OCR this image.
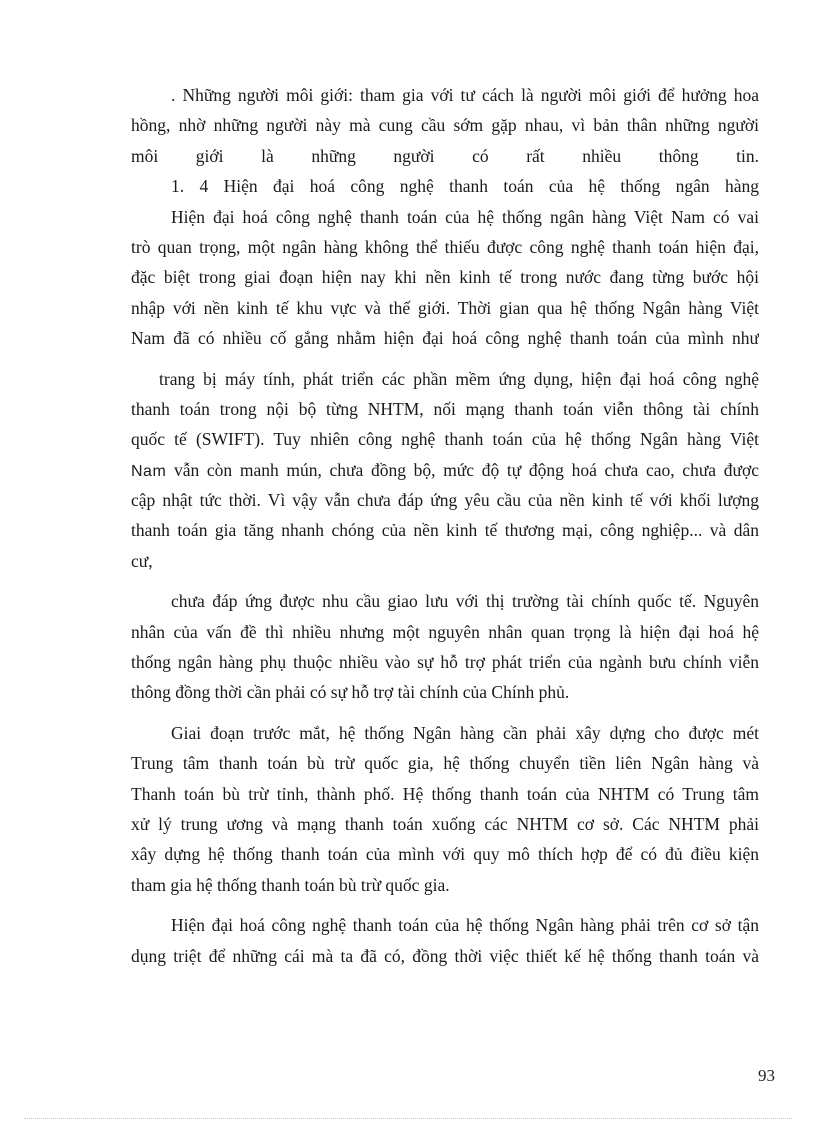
. Những người môi giới: tham gia với tư cách là người môi giới để hưởng hoa
hồng, nhờ những người này mà cung cầu sớm gặp nhau, vì bản thân những người
môi giới là những người có rất nhiều thông tin.
1. 4 Hiện đại hoá công nghệ thanh toán của hệ thống ngân hàng
Hiện đại hoá công nghệ thanh toán của hệ thống ngân hàng Việt Nam có vai
trò quan trọng, một ngân hàng không thể thiếu được công nghệ thanh toán hiện đại,
đặc biệt trong giai đoạn hiện nay khi nền kinh tế trong nước đang từng bước hội
nhập với nền kinh tế khu vực và thế giới. Thời gian qua hệ thống Ngân hàng Việt
Nam đã có nhiều cố gắng nhằm hiện đại hoá công nghệ thanh toán của mình như
trang bị máy tính, phát triển các phần mềm ứng dụng, hiện đại hoá công nghệ
thanh toán trong nội bộ từng NHTM, nối mạng thanh toán viễn thông tài chính
quốc tế (SWIFT). Tuy nhiên công nghệ thanh toán của hệ thống Ngân hàng Việt
Nam vẫn còn manh mún, chưa đồng bộ, mức độ tự động hoá chưa cao, chưa được
cập nhật tức thời. Vì vậy vẫn chưa đáp ứng yêu cầu của nền kinh tế với khối lượng
thanh toán gia tăng nhanh chóng của nền kinh tế thương mại, công nghiệp... và dân
cư,
chưa đáp ứng được nhu cầu giao lưu với thị trường tài chính quốc tế. Nguyên
nhân của vấn đề thì nhiều nhưng một nguyên nhân quan trọng là hiện đại hoá hệ
thống ngân hàng phụ thuộc nhiều vào sự hỗ trợ phát triển của ngành bưu chính viễn
thông đồng thời cần phải có sự hỗ trợ tài chính của Chính phủ.
Giai đoạn trước mắt, hệ thống Ngân hàng cần phải xây dựng cho được mét
Trung tâm thanh toán bù trừ quốc gia, hệ thống chuyển tiền liên Ngân hàng và
Thanh toán bù trừ tỉnh, thành phố. Hệ thống thanh toán của NHTM có Trung tâm
xử lý trung ương và mạng thanh toán xuống các NHTM cơ sở. Các NHTM phải
xây dựng hệ thống thanh toán của mình với quy mô thích hợp để có đủ điều kiện
tham gia hệ thống thanh toán bù trừ quốc gia.
Hiện đại hoá công nghệ thanh toán của hệ thống Ngân hàng phải trên cơ sở tận
dụng triệt để những cái mà ta đã có, đồng thời việc thiết kế hệ thống thanh toán và
93
